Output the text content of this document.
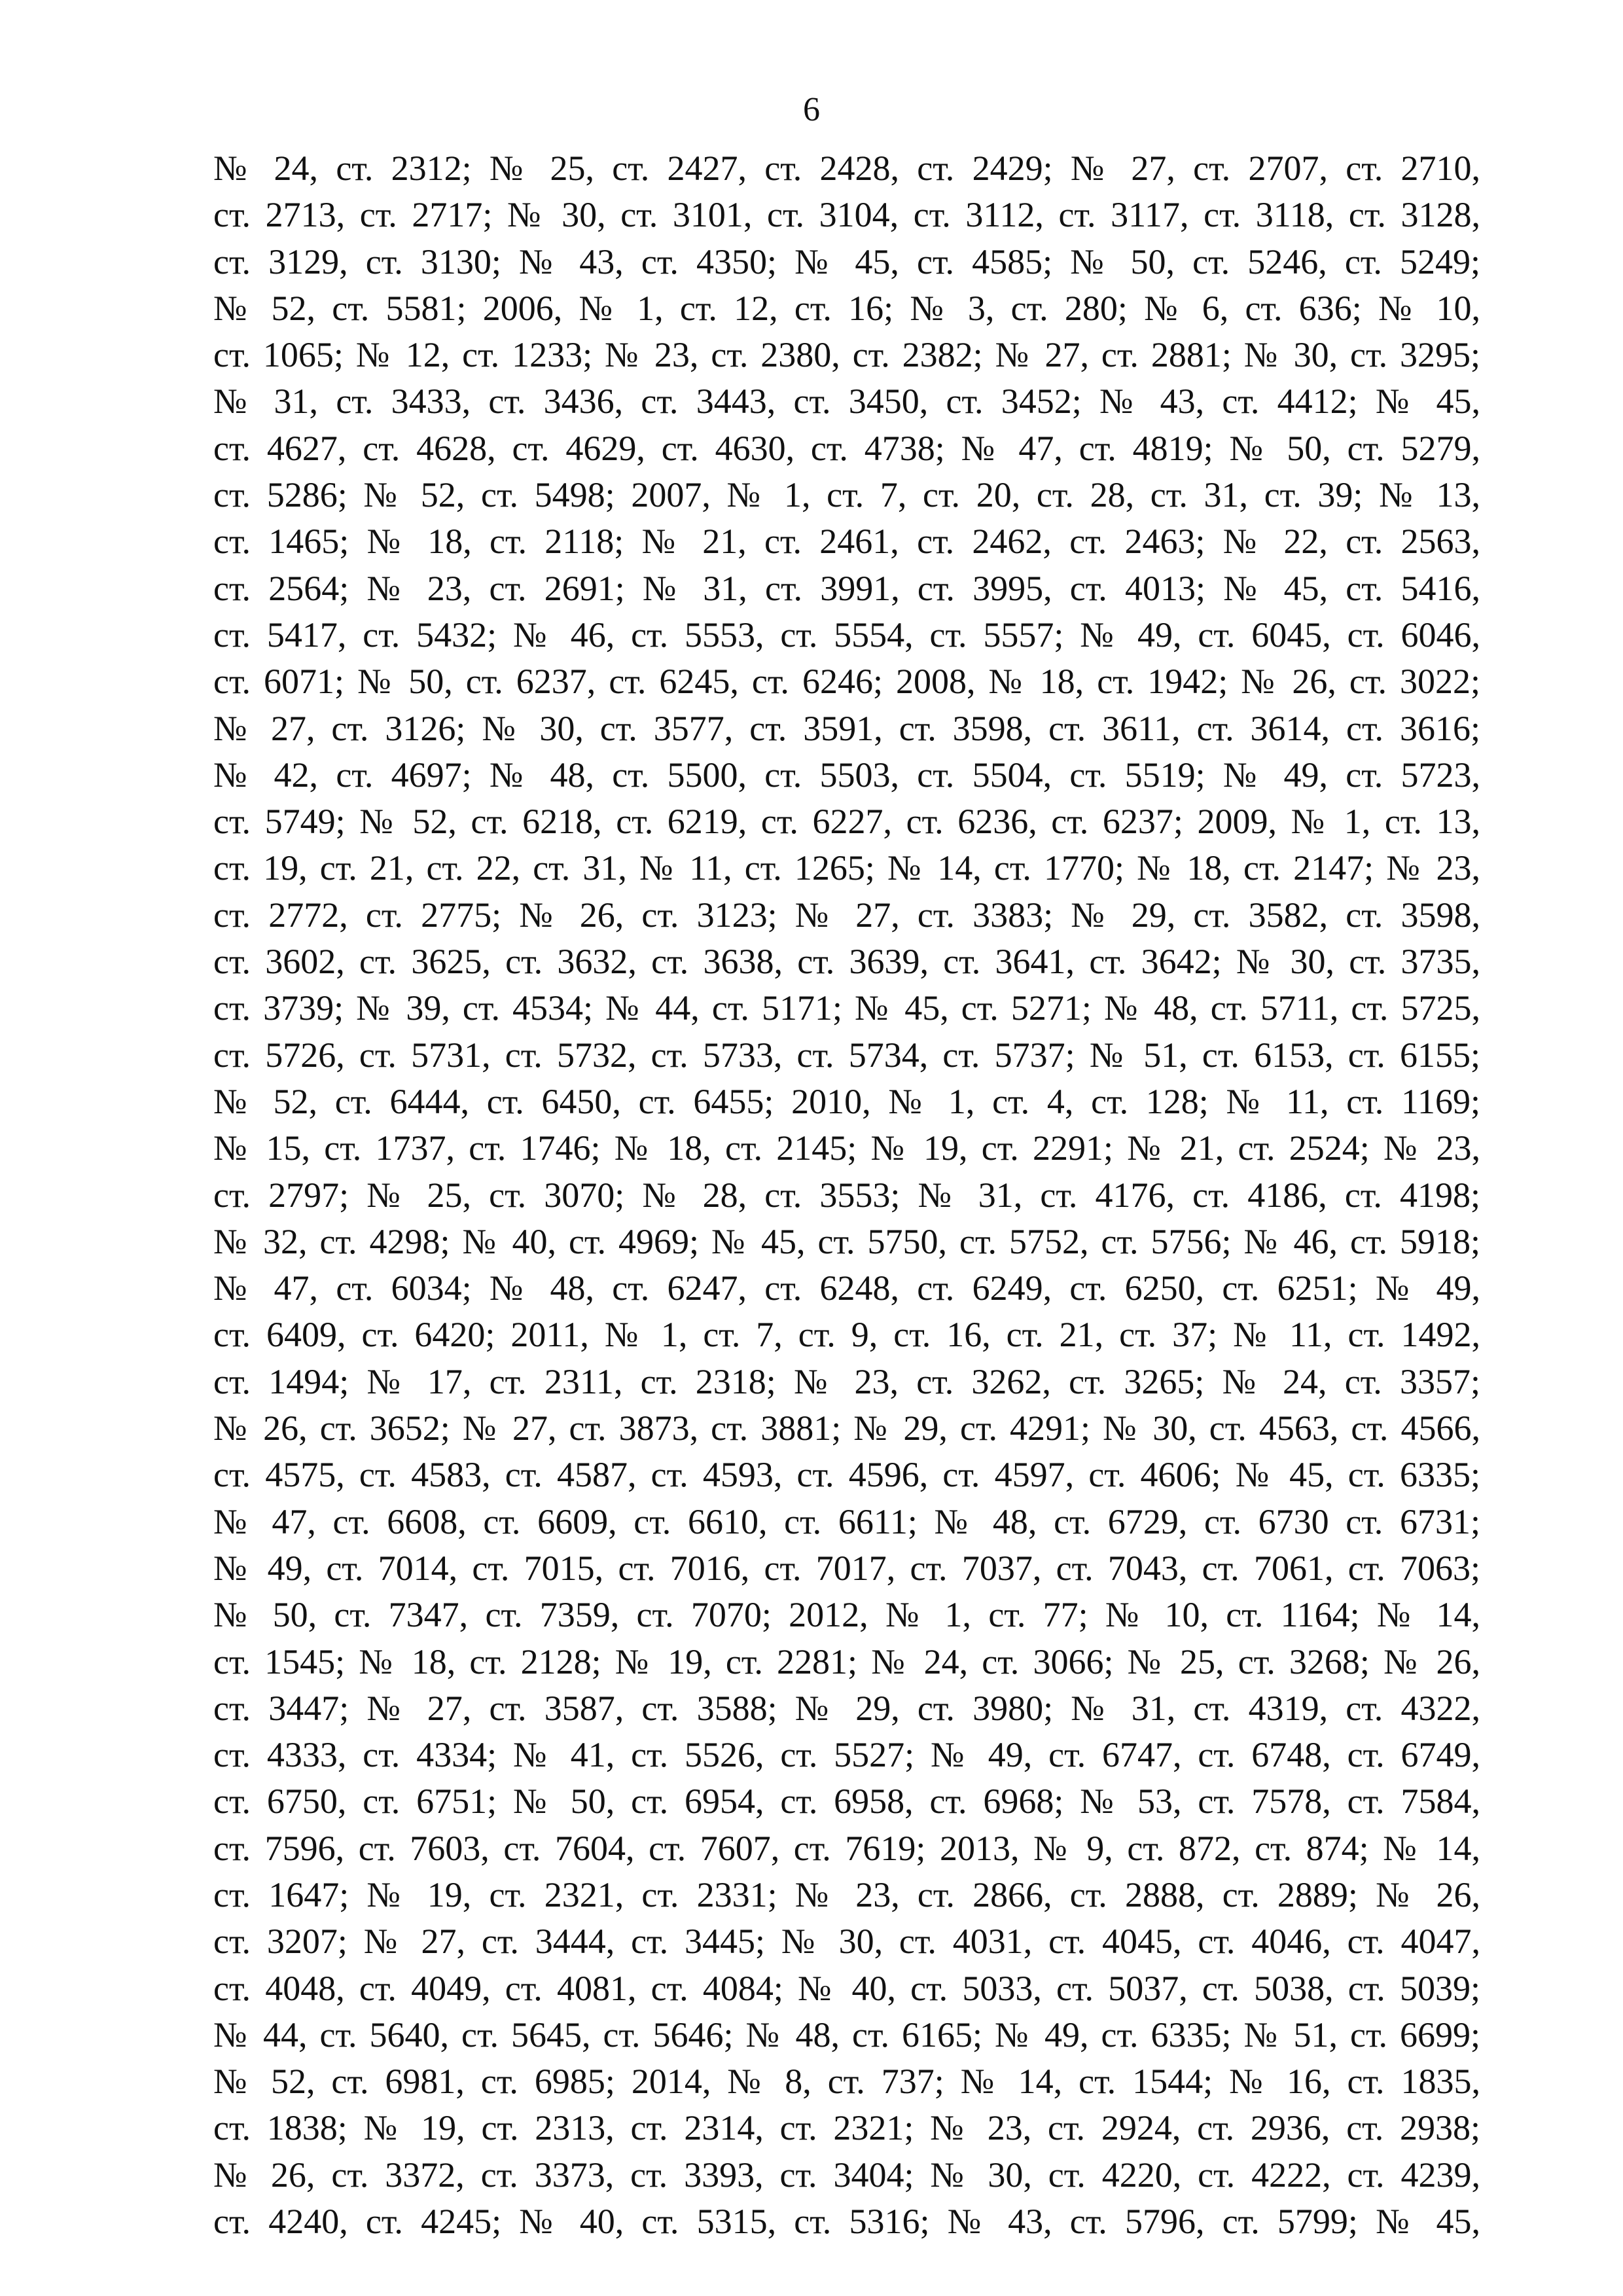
6
№ 24, ст. 2312; № 25, ст. 2427, ст. 2428, ст. 2429; № 27, ст. 2707, ст. 2710,
ст. 2713, ст. 2717; № 30, ст. 3101, ст. 3104, ст. 3112, ст. 3117, ст. 3118, ст. 3128,
ст. 3129, ст. 3130; № 43, ст. 4350; № 45, ст. 4585; № 50, ст. 5246, ст. 5249;
№ 52, ст. 5581; 2006, № 1, ст. 12, ст. 16; № 3, ст. 280; № 6, ст. 636; № 10,
ст. 1065; № 12, ст. 1233; № 23, ст. 2380, ст. 2382; № 27, ст. 2881; № 30, ст. 3295;
№ 31, ст. 3433, ст. 3436, ст. 3443, ст. 3450, ст. 3452; № 43, ст. 4412; № 45,
ст. 4627, ст. 4628, ст. 4629, ст. 4630, ст. 4738; № 47, ст. 4819; № 50, ст. 5279,
ст. 5286; № 52, ст. 5498; 2007, № 1, ст. 7, ст. 20, ст. 28, ст. 31, ст. 39; № 13,
ст. 1465; № 18, ст. 2118; № 21, ст. 2461, ст. 2462, ст. 2463; № 22, ст. 2563,
ст. 2564; № 23, ст. 2691; № 31, ст. 3991, ст. 3995, ст. 4013; № 45, ст. 5416,
ст. 5417, ст. 5432; № 46, ст. 5553, ст. 5554, ст. 5557; № 49, ст. 6045, ст. 6046,
ст. 6071; № 50, ст. 6237, ст. 6245, ст. 6246; 2008, № 18, ст. 1942; № 26, ст. 3022;
№ 27, ст. 3126; № 30, ст. 3577, ст. 3591, ст. 3598, ст. 3611, ст. 3614, ст. 3616;
№ 42, ст. 4697; № 48, ст. 5500, ст. 5503, ст. 5504, ст. 5519; № 49, ст. 5723,
ст. 5749; № 52, ст. 6218, ст. 6219, ст. 6227, ст. 6236, ст. 6237; 2009, № 1, ст. 13,
ст. 19, ст. 21, ст. 22, ст. 31, № 11, ст. 1265; № 14, ст. 1770; № 18, ст. 2147; № 23,
ст. 2772, ст. 2775; № 26, ст. 3123; № 27, ст. 3383; № 29, ст. 3582, ст. 3598,
ст. 3602, ст. 3625, ст. 3632, ст. 3638, ст. 3639, ст. 3641, ст. 3642; № 30, ст. 3735,
ст. 3739; № 39, ст. 4534; № 44, ст. 5171; № 45, ст. 5271; № 48, ст. 5711, ст. 5725,
ст. 5726, ст. 5731, ст. 5732, ст. 5733, ст. 5734, ст. 5737; № 51, ст. 6153, ст. 6155;
№ 52, ст. 6444, ст. 6450, ст. 6455; 2010, № 1, ст. 4, ст. 128; № 11, ст. 1169;
№ 15, ст. 1737, ст. 1746; № 18, ст. 2145; № 19, ст. 2291; № 21, ст. 2524; № 23,
ст. 2797; № 25, ст. 3070; № 28, ст. 3553; № 31, ст. 4176, ст. 4186, ст. 4198;
№ 32, ст. 4298; № 40, ст. 4969; № 45, ст. 5750, ст. 5752, ст. 5756; № 46, ст. 5918;
№ 47, ст. 6034; № 48, ст. 6247, ст. 6248, ст. 6249, ст. 6250, ст. 6251; № 49,
ст. 6409, ст. 6420; 2011, № 1, ст. 7, ст. 9, ст. 16, ст. 21, ст. 37; № 11, ст. 1492,
ст. 1494; № 17, ст. 2311, ст. 2318; № 23, ст. 3262, ст. 3265; № 24, ст. 3357;
№ 26, ст. 3652; № 27, ст. 3873, ст. 3881; № 29, ст. 4291; № 30, ст. 4563, ст. 4566,
ст. 4575, ст. 4583, ст. 4587, ст. 4593, ст. 4596, ст. 4597, ст. 4606; № 45, ст. 6335;
№ 47, ст. 6608, ст. 6609, ст. 6610, ст. 6611; № 48, ст. 6729, ст. 6730 ст. 6731;
№ 49, ст. 7014, ст. 7015, ст. 7016, ст. 7017, ст. 7037, ст. 7043, ст. 7061, ст. 7063;
№ 50, ст. 7347, ст. 7359, ст. 7070; 2012, № 1, ст. 77; № 10, ст. 1164; № 14,
ст. 1545; № 18, ст. 2128; № 19, ст. 2281; № 24, ст. 3066; № 25, ст. 3268; № 26,
ст. 3447; № 27, ст. 3587, ст. 3588; № 29, ст. 3980; № 31, ст. 4319, ст. 4322,
ст. 4333, ст. 4334; № 41, ст. 5526, ст. 5527; № 49, ст. 6747, ст. 6748, ст. 6749,
ст. 6750, ст. 6751; № 50, ст. 6954, ст. 6958, ст. 6968; № 53, ст. 7578, ст. 7584,
ст. 7596, ст. 7603, ст. 7604, ст. 7607, ст. 7619; 2013, № 9, ст. 872, ст. 874; № 14,
ст. 1647; № 19, ст. 2321, ст. 2331; № 23, ст. 2866, ст. 2888, ст. 2889; № 26,
ст. 3207; № 27, ст. 3444, ст. 3445; № 30, ст. 4031, ст. 4045, ст. 4046, ст. 4047,
ст. 4048, ст. 4049, ст. 4081, ст. 4084; № 40, ст. 5033, ст. 5037, ст. 5038, ст. 5039;
№ 44, ст. 5640, ст. 5645, ст. 5646; № 48, ст. 6165; № 49, ст. 6335; № 51, ст. 6699;
№ 52, ст. 6981, ст. 6985; 2014, № 8, ст. 737; № 14, ст. 1544; № 16, ст. 1835,
ст. 1838; № 19, ст. 2313, ст. 2314, ст. 2321; № 23, ст. 2924, ст. 2936, ст. 2938;
№ 26, ст. 3372, ст. 3373, ст. 3393, ст. 3404; № 30, ст. 4220, ст. 4222, ст. 4239,
ст. 4240, ст. 4245; № 40, ст. 5315, ст. 5316; № 43, ст. 5796, ст. 5799; № 45,
